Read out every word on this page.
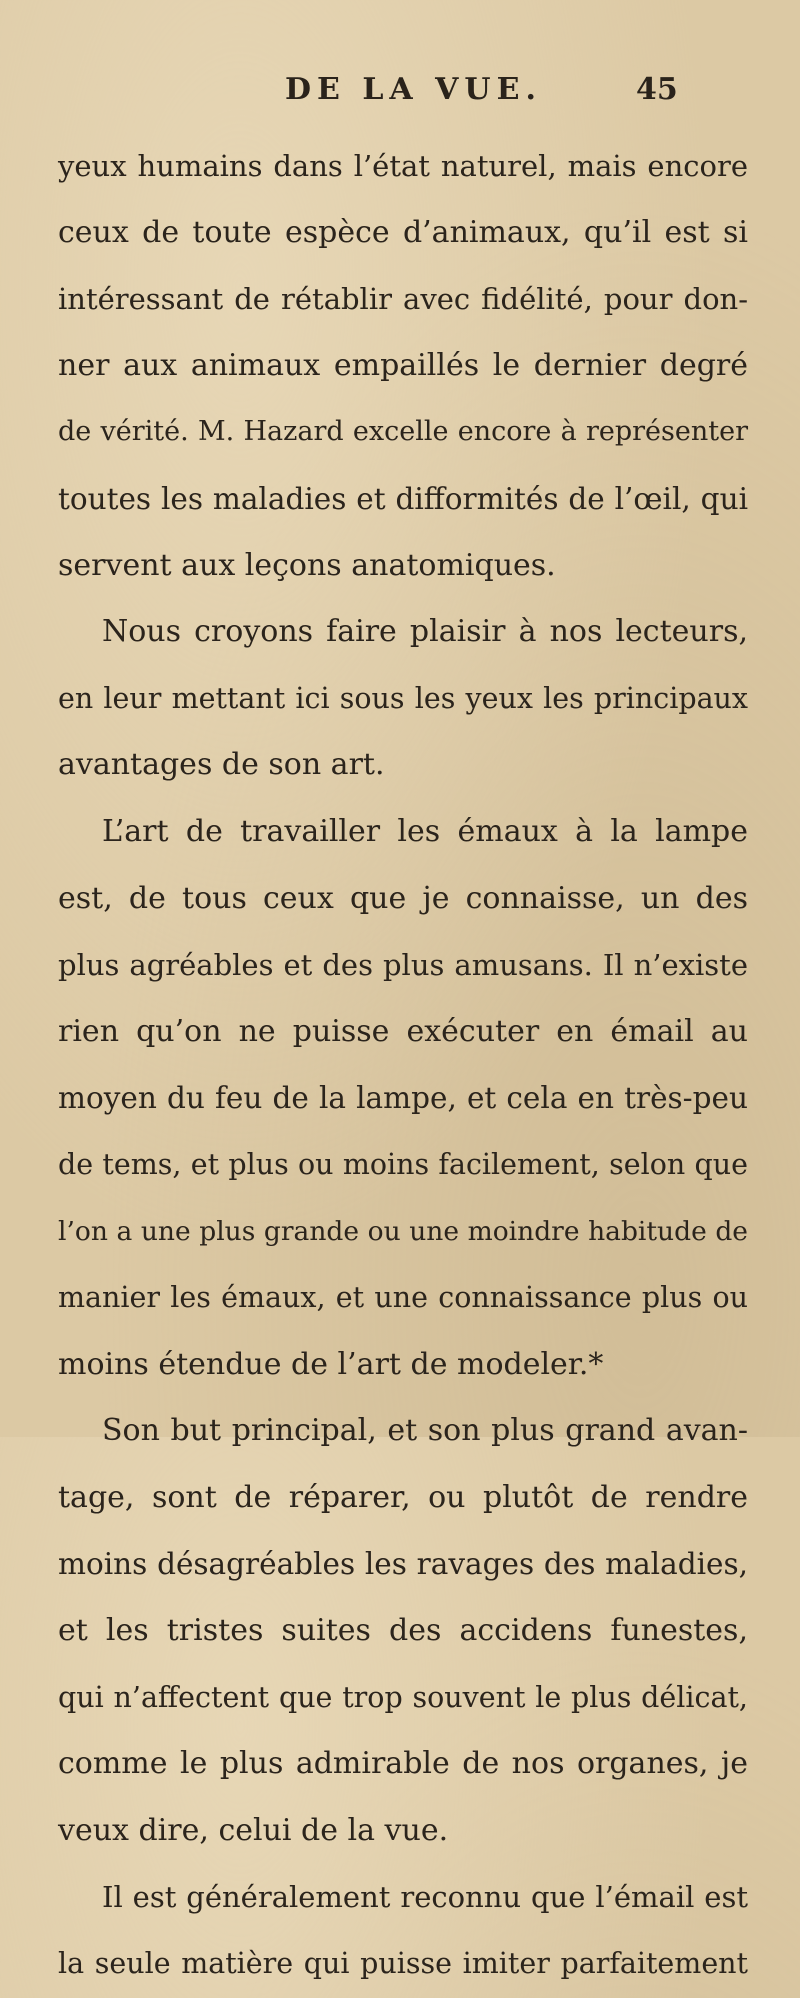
DE LA VUE.	45
yeux humains dans l’état naturel, mais encore
ceux de toute espèce d’animaux, qu’il est si
intéressant de rétablir avec fidélité, pour don-
ner aux animaux empaillés le dernier degré
de vérité. M. Hazard excelle encore à représenter
toutes les maladies et difformités de l’œil, qui
servent aux leçons anatomiques.
Nous croyons faire plaisir à nos lecteurs,
en leur mettant ici sous les yeux les principaux
avantages de son art.
L’art de travailler les émaux à la lampe
est, de tous ceux que je connaisse, un des
plus agréables et des plus amusans. Il n’existe
rien qu’on ne puisse exécuter en émail au
moyen du feu de la lampe, et cela en très-peu
de tems, et plus ou moins facilement, selon que
l’on a une plus grande ou une moindre habitude de
manier les émaux, et une connaissance plus ou
moins étendue de l’art de modeler.*
Son but principal, et son plus grand avan-
tage, sont de réparer, ou plutôt de rendre
moins désagréables les ravages des maladies,
et les tristes suites des accidens funestes,
qui n’affectent que trop souvent le plus délicat,
comme le plus admirable de nos organes, je
veux dire, celui de la vue.
Il est généralement reconnu que l’émail est
la seule matière qui puisse imiter parfaitement
